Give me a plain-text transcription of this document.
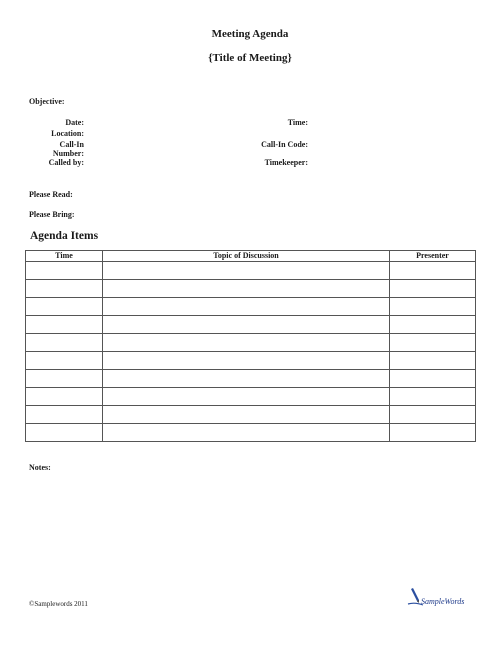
Meeting Agenda
{Title of Meeting}
Objective:
Date:
Location:
Call-In
Number:
Called by:
Time:
Call-In Code:
Timekeeper:
Please Read:
Please Bring:
Agenda Items
Time	Topic of Discussion	Presenter

Notes:
©Samplewords 2011	SampleWords
